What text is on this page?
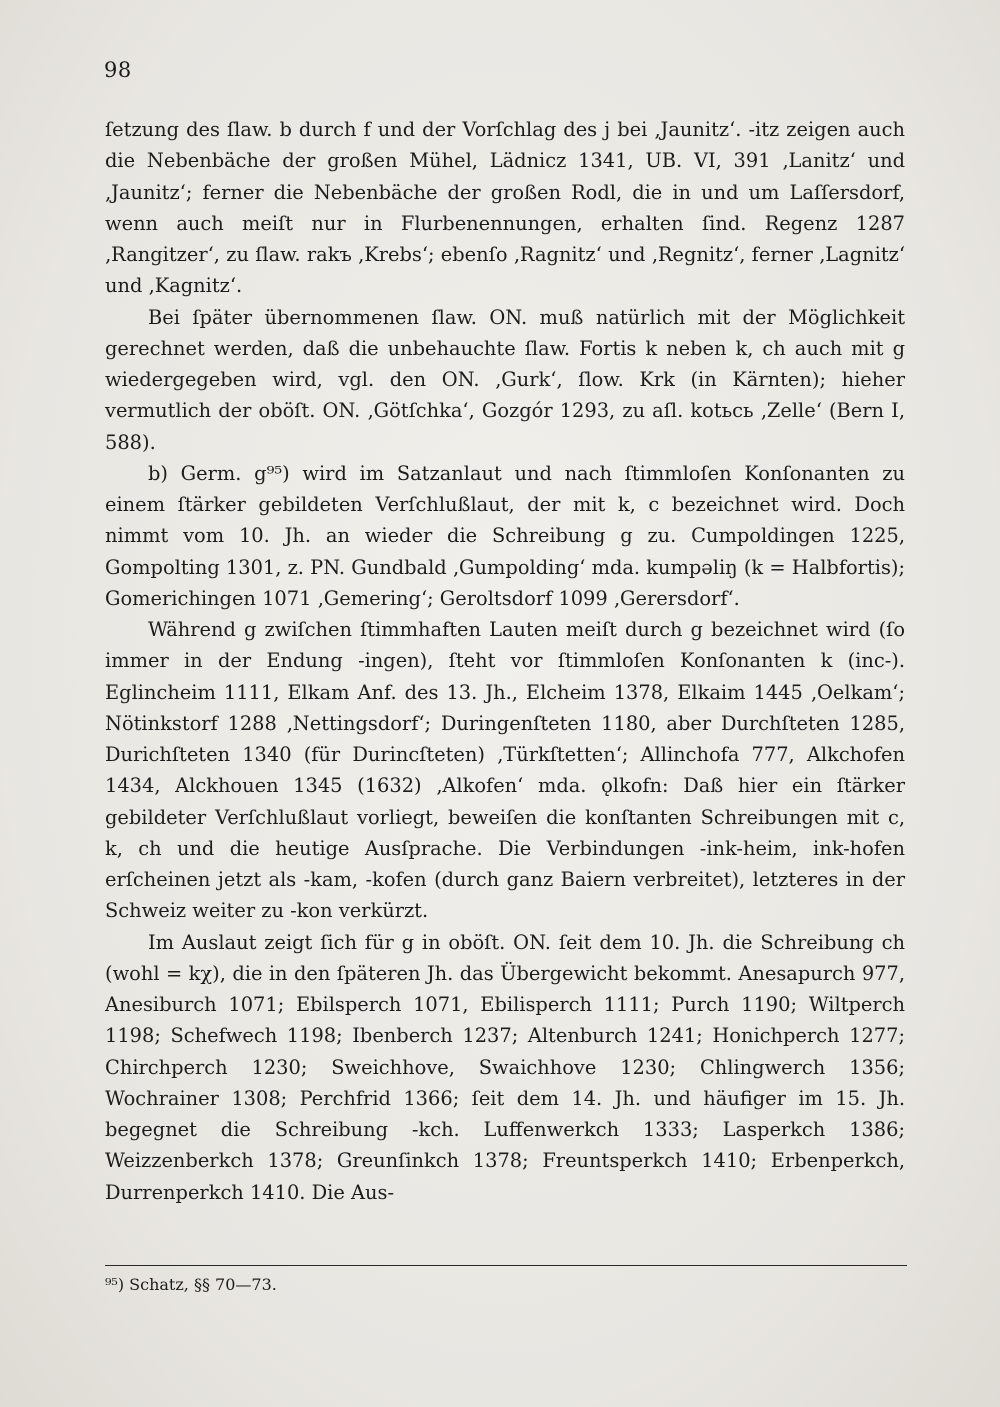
98

ſetzung des ſlaw. b durch f und der Vorſchlag des j bei ‚Jaunitz‘. -itz zeigen auch die Nebenbäche der großen Mühel, Lädnicz 1341, UB. VI, 391 ‚Lanitz‘ und ‚Jaunitz‘; ferner die Nebenbäche der großen Rodl, die in und um Laſſersdorf, wenn auch meiſt nur in Flurbenennungen, erhalten ſind. Regenz 1287 ‚Rangitzer‘, zu ſlaw. rakъ ‚Krebs‘; ebenſo ‚Ragnitz‘ und ‚Regnitz‘, ferner ‚Lagnitz‘ und ‚Kagnitz‘.

Bei ſpäter übernommenen ſlaw. ON. muß natürlich mit der Möglichkeit gerechnet werden, daß die unbehauchte ſlaw. Fortis k neben k, ch auch mit g wiedergegeben wird, vgl. den ON. ‚Gurk‘, ſlow. Krk (in Kärnten); hieher vermutlich der oböſt. ON. ‚Götſchka‘, Gozgór 1293, zu aſl. kotьcь ‚Zelle‘ (Bern I, 588).

b) Germ. g⁹⁵) wird im Satzanlaut und nach ſtimmloſen Konſonanten zu einem ſtärker gebildeten Verſchlußlaut, der mit k, c bezeichnet wird. Doch nimmt vom 10. Jh. an wieder die Schreibung g zu. Cumpoldingen 1225, Gompolting 1301, z. PN. Gundbald ‚Gumpolding‘ mda. kumpəliŋ (k = Halbfortis); Gomerichingen 1071 ‚Gemering‘; Geroltsdorf 1099 ‚Gerersdorf‘.

Während g zwiſchen ſtimmhaften Lauten meiſt durch g bezeichnet wird (ſo immer in der Endung -ingen), ſteht vor ſtimmloſen Konſonanten k (inc-). Eglincheim 1111, Elkam Anf. des 13. Jh., Elcheim 1378, Elkaim 1445 ‚Oelkam‘; Nötinkstorf 1288 ‚Nettingsdorf‘; Duringenſteten 1180, aber Durchſteten 1285, Durichſteten 1340 (für Durincſteten) ‚Türkſtetten‘; Allinchofa 777, Alkchofen 1434, Alckhouen 1345 (1632) ‚Alkofen‘ mda. ǫlkofn: Daß hier ein ſtärker gebildeter Verſchlußlaut vorliegt, beweiſen die konſtanten Schreibungen mit c, k, ch und die heutige Ausſprache. Die Verbindungen -ink-heim, ink-hofen erſcheinen jetzt als -kam, -kofen (durch ganz Baiern verbreitet), letzteres in der Schweiz weiter zu -kon verkürzt.

Im Auslaut zeigt ſich für g in oböſt. ON. ſeit dem 10. Jh. die Schreibung ch (wohl = kχ), die in den ſpäteren Jh. das Übergewicht bekommt. Anesapurch 977, Anesiburch 1071; Ebilsperch 1071, Ebilisperch 1111; Purch 1190; Wiltperch 1198; Schefwech 1198; Ibenberch 1237; Altenburch 1241; Honichperch 1277; Chirchperch 1230; Sweichhove, Swaichhove 1230; Chlingwerch 1356; Wochrainer 1308; Perchfrid 1366; ſeit dem 14. Jh. und häufiger im 15. Jh. begegnet die Schreibung -kch. Luffenwerkch 1333; Lasperkch 1386; Weizzenberkch 1378; Greunſinkch 1378; Freuntsperkch 1410; Erbenperkch, Durrenperkch 1410. Die Aus-

⁹⁵) Schatz, §§ 70—73.
